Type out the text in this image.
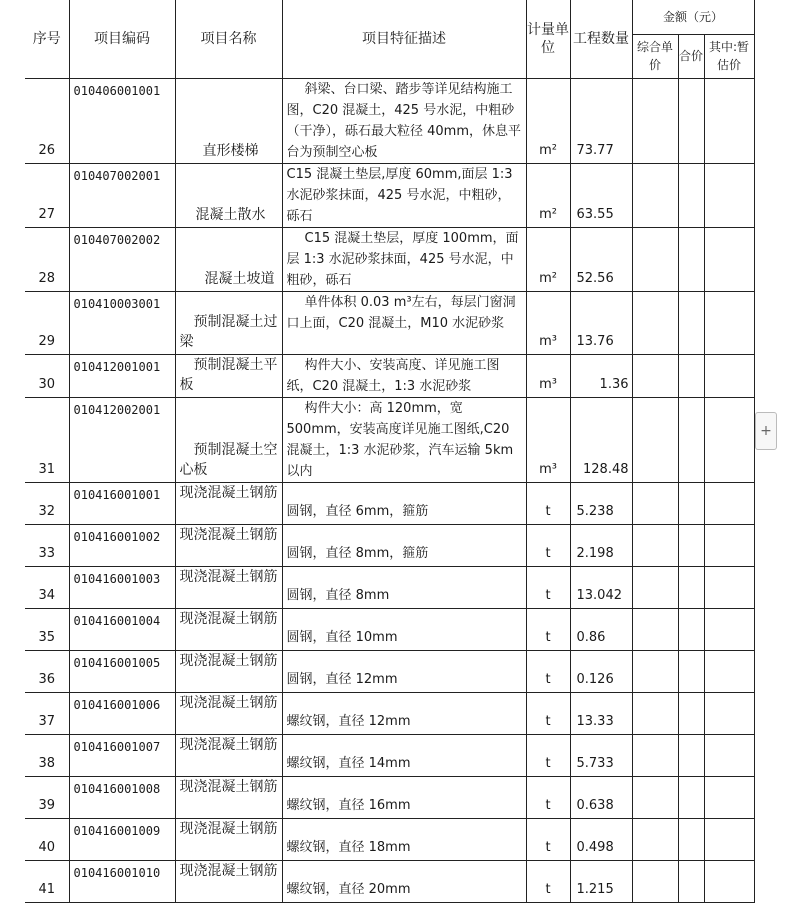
序号	项目编码	项目名称	项目特征描述	计量单位	工程数量	金额（元）		
						综合单价	合价	其中:暂估价
26	010406001001	直形楼梯	斜梁、台口梁、踏步等详见结构施工图，C20 混凝土，425 号水泥，中粗砂（干净），砾石最大粒径 40mm，休息平台为预制空心板	m²	73.77			
27	010407002001	混凝土散水	C15 混凝土垫层,厚度 60mm,面层 1:3 水泥砂浆抹面，425 号水泥，中粗砂，砾石	m²	63.55			
28	010407002002	混凝土坡道	C15 混凝土垫层，厚度 100mm，面层 1:3 水泥砂浆抹面，425 号水泥，中粗砂，砾石	m²	52.56			
29	010410003001	预制混凝土过梁	单件体积 0.03 m³左右，每层门窗洞口上面，C20 混凝土，M10 水泥砂浆	m³	13.76			
30	010412001001	预制混凝土平板	构件大小、安装高度、详见施工图纸，C20 混凝土，1:3 水泥砂浆	m³	1.36			
31	010412002001	预制混凝土空心板	构件大小：高 120mm，宽 500mm，安装高度详见施工图纸,C20 混凝土，1:3 水泥砂浆，汽车运输 5km 以内	m³	128.48			
32	010416001001	现浇混凝土钢筋	圆钢，直径 6mm，箍筋	t	5.238			
33	010416001002	现浇混凝土钢筋	圆钢，直径 8mm，箍筋	t	2.198			
34	010416001003	现浇混凝土钢筋	圆钢，直径 8mm	t	13.042			
35	010416001004	现浇混凝土钢筋	圆钢，直径 10mm	t	0.86			
36	010416001005	现浇混凝土钢筋	圆钢，直径 12mm	t	0.126			
37	010416001006	现浇混凝土钢筋	螺纹钢，直径 12mm	t	13.33			
38	010416001007	现浇混凝土钢筋	螺纹钢，直径 14mm	t	5.733			
39	010416001008	现浇混凝土钢筋	螺纹钢，直径 16mm	t	0.638			
40	010416001009	现浇混凝土钢筋	螺纹钢，直径 18mm	t	0.498			
41	010416001010	现浇混凝土钢筋	螺纹钢，直径 20mm	t	1.215			
+
